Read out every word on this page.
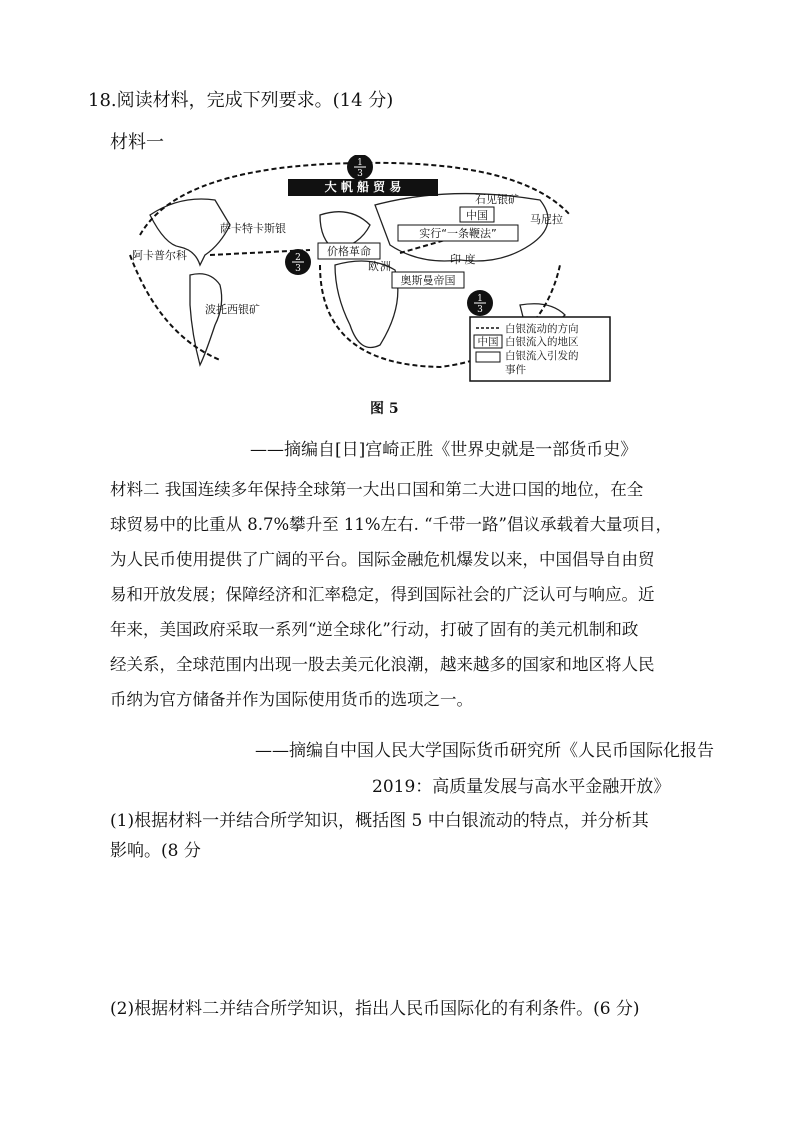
18.阅读材料，完成下列要求。(14 分)
材料一
1
3
2
3
1
3
大 帆 船 贸 易
价格革命
实行“一条鞭法”
奥斯曼帝国
阿卡普尔科
萨卡特卡斯银
波托西银矿
欧 洲
中国
石见银矿
马尼拉
印 度
白银流动的方向
中国 白银流入的地区
白银流入引发的
事件
图 5
——摘编自[日]宫崎正胜《世界史就是一部货币史》
材料二 我国连续多年保持全球第一大出口国和第二大进口国的地位，在全
球贸易中的比重从 8.7%攀升至 11%左右. “千带一路”倡议承载着大量项目，
为人民币使用提供了广阔的平台。国际金融危机爆发以来，中国倡导自由贸
易和开放发展；保障经济和汇率稳定，得到国际社会的广泛认可与响应。近
年来，美国政府采取一系列“逆全球化”行动，打破了固有的美元机制和政
经关系，全球范围内出现一股去美元化浪潮，越来越多的国家和地区将人民
币纳为官方储备并作为国际使用货币的选项之一。
——摘编自中国人民大学国际货币研究所《人民币国际化报告
2019：高质量发展与高水平金融开放》
(1)根据材料一并结合所学知识，概括图 5 中白银流动的特点，并分析其
影响。(8 分
(2)根据材料二并结合所学知识，指出人民币国际化的有利条件。(6 分)
